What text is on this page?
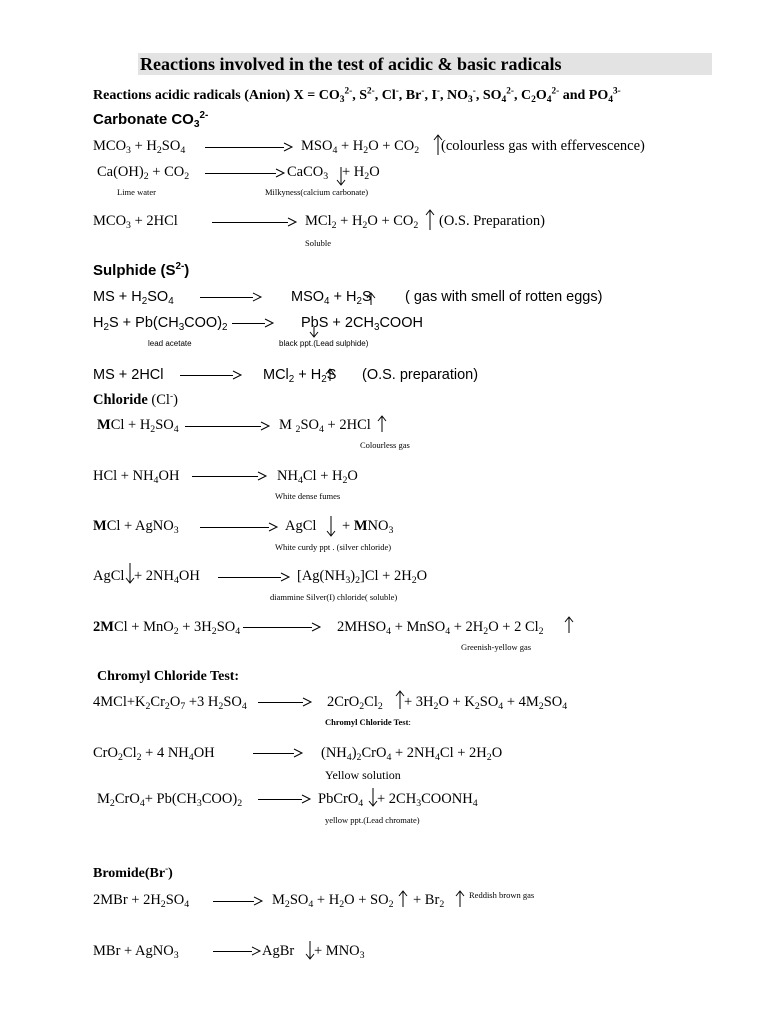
Reactions involved in the test of acidic & basic radicals
Reactions acidic radicals (Anion) $X = CO_3^{2-}$, $S^{2-}$, Cl-, Br-, I-, $NO_3^-$, $SO_4^{2-}$, $C_2O_4^{2-}$ and $PO_4^{3-}$
Carbonate $CO_3^{2-}$
$MCO_3 + H_2SO_4$	$MSO_4 + H_2O + CO_2$ (colourless gas with effervescence)
$Ca(OH)_2 + CO_2$	CaCO$_3$ + $H_2O$
Lime water	Milkyness(calcium carbonate)
$MCO_3 + 2HCl$	$MCl_2 + H_2O + CO_2$ (O.S. Preparation)
Soluble
Sulphide $(S^{2-})$
MS + $H_2SO_4$	$MSO_4 + H_2S$ ( gas with smell of rotten eggs)
$H_2S + Pb(CH_3COO)_2$ → PbS + $2CH_3COOH$
lead acetate	black ppt.(Lead sulphide)
MS + $2HCl \to MCl_2 + H_2S$ (O.S. preparation)
Chloride (Cl-)
MCl + $H_2SO_4$	M $_2SO_4 + 2HCl$
Colourless gas
HCl + $NH_4OH$	$NH_4Cl + H_2O$
White dense fumes
MCl + AgNO$_3$	AgCl + $MNO_3$
White curdy ppt . (silver chloride)
AgCl + $2NH_4OH$	$[Ag(NH_3)_2]Cl + 2H_2O$
diammine Silver(I) chloride( soluble)
$2MCl + MnO_2 + 3H_2SO_4$	$2MHSO_4$ + MnSO$_4$ + $2H_2O + 2$ $Cl_2$
Greenish-yellow gas
Chromyl Chloride Test:
$4MCl+K_2Cr_2O_7 +3$ $H_2SO_4 \to 2CrO_2Cl_2 + 3H_2O + K_2SO_4 + 4M_2SO_4$
Chromyl Chloride Test:
$CrO_2Cl_2 + 4$ $NH_4OH \to (NH_4)_2CrO_4 + 2NH_4Cl + 2H_2O$
Yellow solution
$M_2CrO_4+ Pb(CH_3COO)_2$ → PbCrO$_4$ + $2CH_3COONH_4$
yellow ppt.(Lead chromate)
Bromide(Br-)
$2MBr + 2H_2SO_4 \to M_2SO_4 + H_2O + SO_2 + Br_2$
Reddish brown gas
MBr + AgNO$_3$ → AgBr + $MNO_3$
